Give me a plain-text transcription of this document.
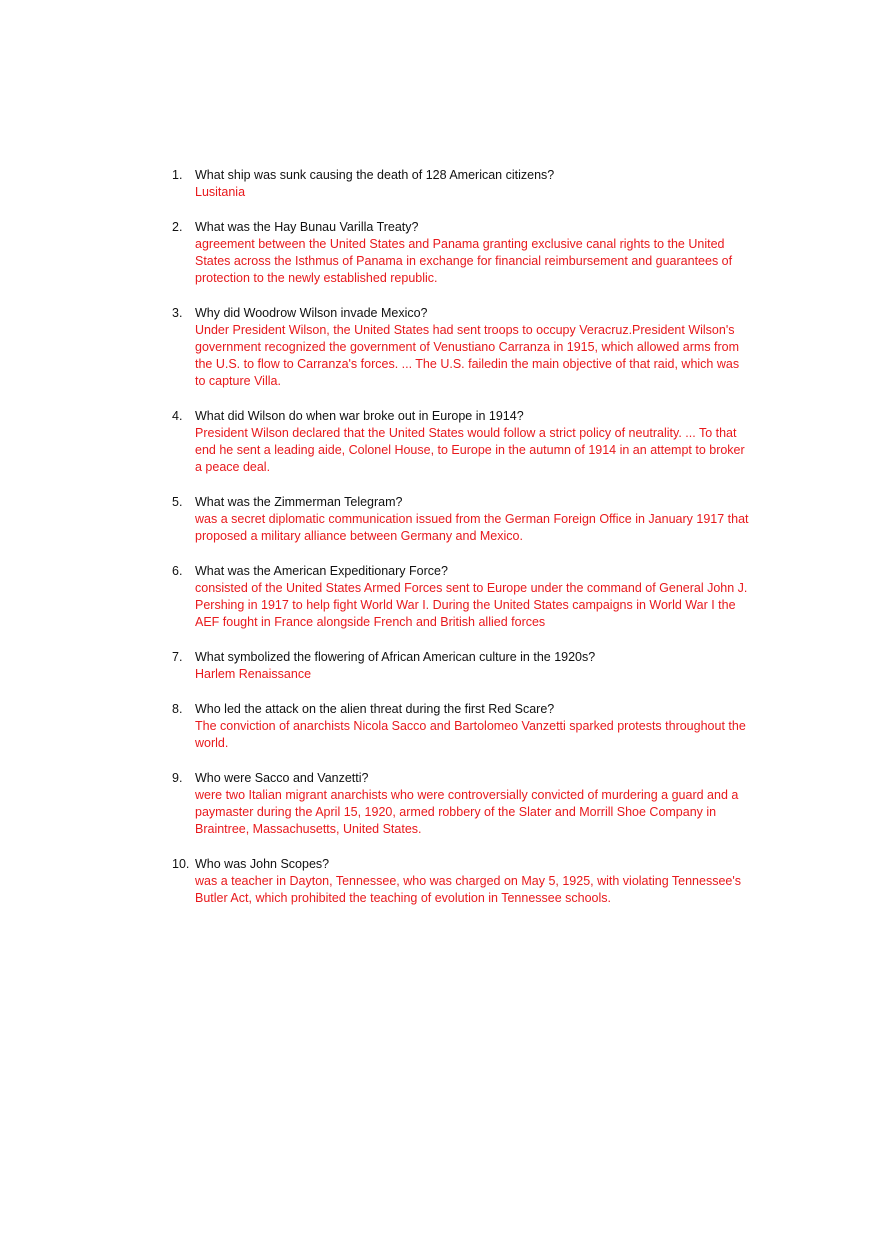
1. What ship was sunk causing the death of 128 American citizens?

Lusitania

2. What was the Hay Bunau Varilla Treaty?

agreement between the United States and Panama granting exclusive canal rights to the United States across the Isthmus of Panama in exchange for financial reimbursement and guarantees of protection to the newly established republic.

3. Why did Woodrow Wilson invade Mexico?

Under President Wilson, the United States had sent troops to occupy Veracruz.President Wilson's government recognized the government of Venustiano Carranza in 1915, which allowed arms from the U.S. to flow to Carranza's forces. ... The U.S. failedin the main objective of that raid, which was to capture Villa.

4. What did Wilson do when war broke out in Europe in 1914?

President Wilson declared that the United States would follow a strict policy of neutrality. ... To that end he sent a leading aide, Colonel House, to Europe in the autumn of 1914 in an attempt to broker a peace deal.

5. What was the Zimmerman Telegram?

was a secret diplomatic communication issued from the German Foreign Office in January 1917 that proposed a military alliance between Germany and Mexico.

6. What was the American Expeditionary Force?

consisted of the United States Armed Forces sent to Europe under the command of General John J. Pershing in 1917 to help fight World War I. During the United States campaigns in World War I the AEF fought in France alongside French and British allied forces

7. What symbolized the flowering of African American culture in the 1920s?

Harlem Renaissance

8. Who led the attack on the alien threat during the first Red Scare?

The conviction of anarchists Nicola Sacco and Bartolomeo Vanzetti sparked protests throughout the world.

9. Who were Sacco and Vanzetti?

were two Italian migrant anarchists who were controversially convicted of murdering a guard and a paymaster during the April 15, 1920, armed robbery of the Slater and Morrill Shoe Company in Braintree, Massachusetts, United States.

10. Who was John Scopes?

was a teacher in Dayton, Tennessee, who was charged on May 5, 1925, with violating Tennessee's Butler Act, which prohibited the teaching of evolution in Tennessee schools.
